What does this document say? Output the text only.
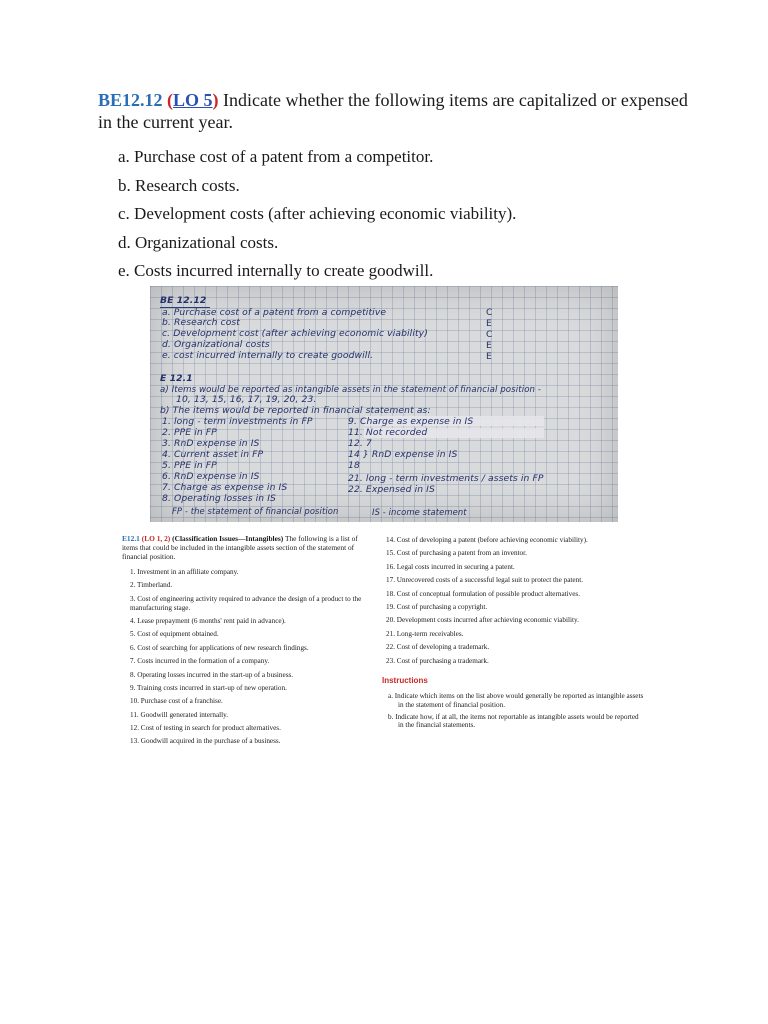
BE12.12 (LO 5) Indicate whether the following items are capitalized or expensed in the current year.
a. Purchase cost of a patent from a competitor.
b. Research costs.
c. Development costs (after achieving economic viability).
d. Organizational costs.
e. Costs incurred internally to create goodwill.
BE 12.12
a. Purchase cost of a patent from a competitive
b. Research cost
c. Development cost (after achieving economic viability)
d. Organizational costs
e. cost incurred internally to create goodwill.
C
E
C
E
E
E 12.1
a) Items would be reported as intangible assets in the statement of financial position -
10, 13, 15, 16, 17, 19, 20, 23.
b) The items would be reported in financial statement as:
1. long - term investments in FP
2. PPE in FP
3. RnD expense in IS
4. Current asset in FP
5. PPE in FP
6. RnD expense in IS
7. Charge as expense in IS
8. Operating losses in IS
9. Charge as expense in IS
11. Not recorded
12. 7
14 } RnD expense in IS
18
21. long - term investments / assets in FP
22. Expensed in IS
FP - the statement of financial position	IS - income statement
E12.1 (LO 1, 2) (Classification Issues—Intangibles) The following is a list of items that could be included in the intangible assets section of the statement of financial position.
1. Investment in an affiliate company.
2. Timberland.
3. Cost of engineering activity required to advance the design of a product to the manufacturing stage.
4. Lease prepayment (6 months' rent paid in advance).
5. Cost of equipment obtained.
6. Cost of searching for applications of new research findings.
7. Costs incurred in the formation of a company.
8. Operating losses incurred in the start-up of a business.
9. Training costs incurred in start-up of new operation.
10. Purchase cost of a franchise.
11. Goodwill generated internally.
12. Cost of testing in search for product alternatives.
13. Goodwill acquired in the purchase of a business.
14. Cost of developing a patent (before achieving economic viability).
15. Cost of purchasing a patent from an inventor.
16. Legal costs incurred in securing a patent.
17. Unrecovered costs of a successful legal suit to protect the patent.
18. Cost of conceptual formulation of possible product alternatives.
19. Cost of purchasing a copyright.
20. Development costs incurred after achieving economic viability.
21. Long-term receivables.
22. Cost of developing a trademark.
23. Cost of purchasing a trademark.
Instructions
a. Indicate which items on the list above would generally be reported as intangible assets in the statement of financial position.
b. Indicate how, if at all, the items not reportable as intangible assets would be reported in the financial statements.
